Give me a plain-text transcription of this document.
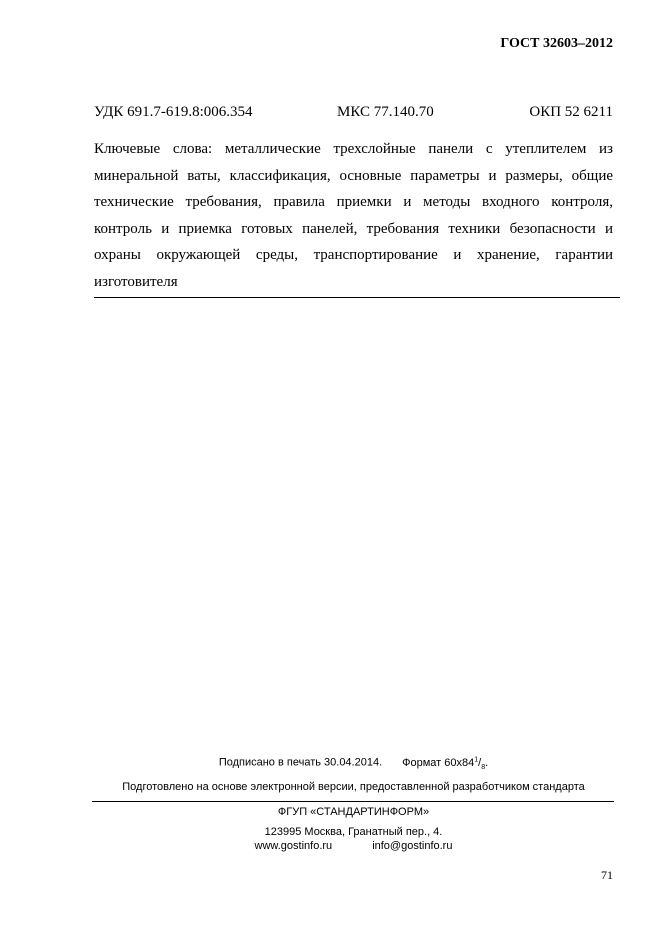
ГОСТ 32603–2012
УДК 691.7-619.8:006.354	МКС 77.140.70	ОКП 52 6211
Ключевые слова: металлические трехслойные панели с утеплителем из
минеральной ваты, классификация, основные параметры и размеры, общие
технические требования, правила приемки и методы входного контроля,
контроль и приемка готовых панелей, требования техники безопасности и
охраны окружающей среды, транспортирование и хранение, гарантии
изготовителя
Подписано в печать 30.04.2014. Формат $60x84^1/_8$.
Подготовлено на основе электронной версии, предоставленной разработчиком стандарта
ФГУП «СТАНДАРТИНФОРМ»
123995 Москва, Гранатный пер., 4.
www.gostinfo.ru	info@gostinfo.ru
71
